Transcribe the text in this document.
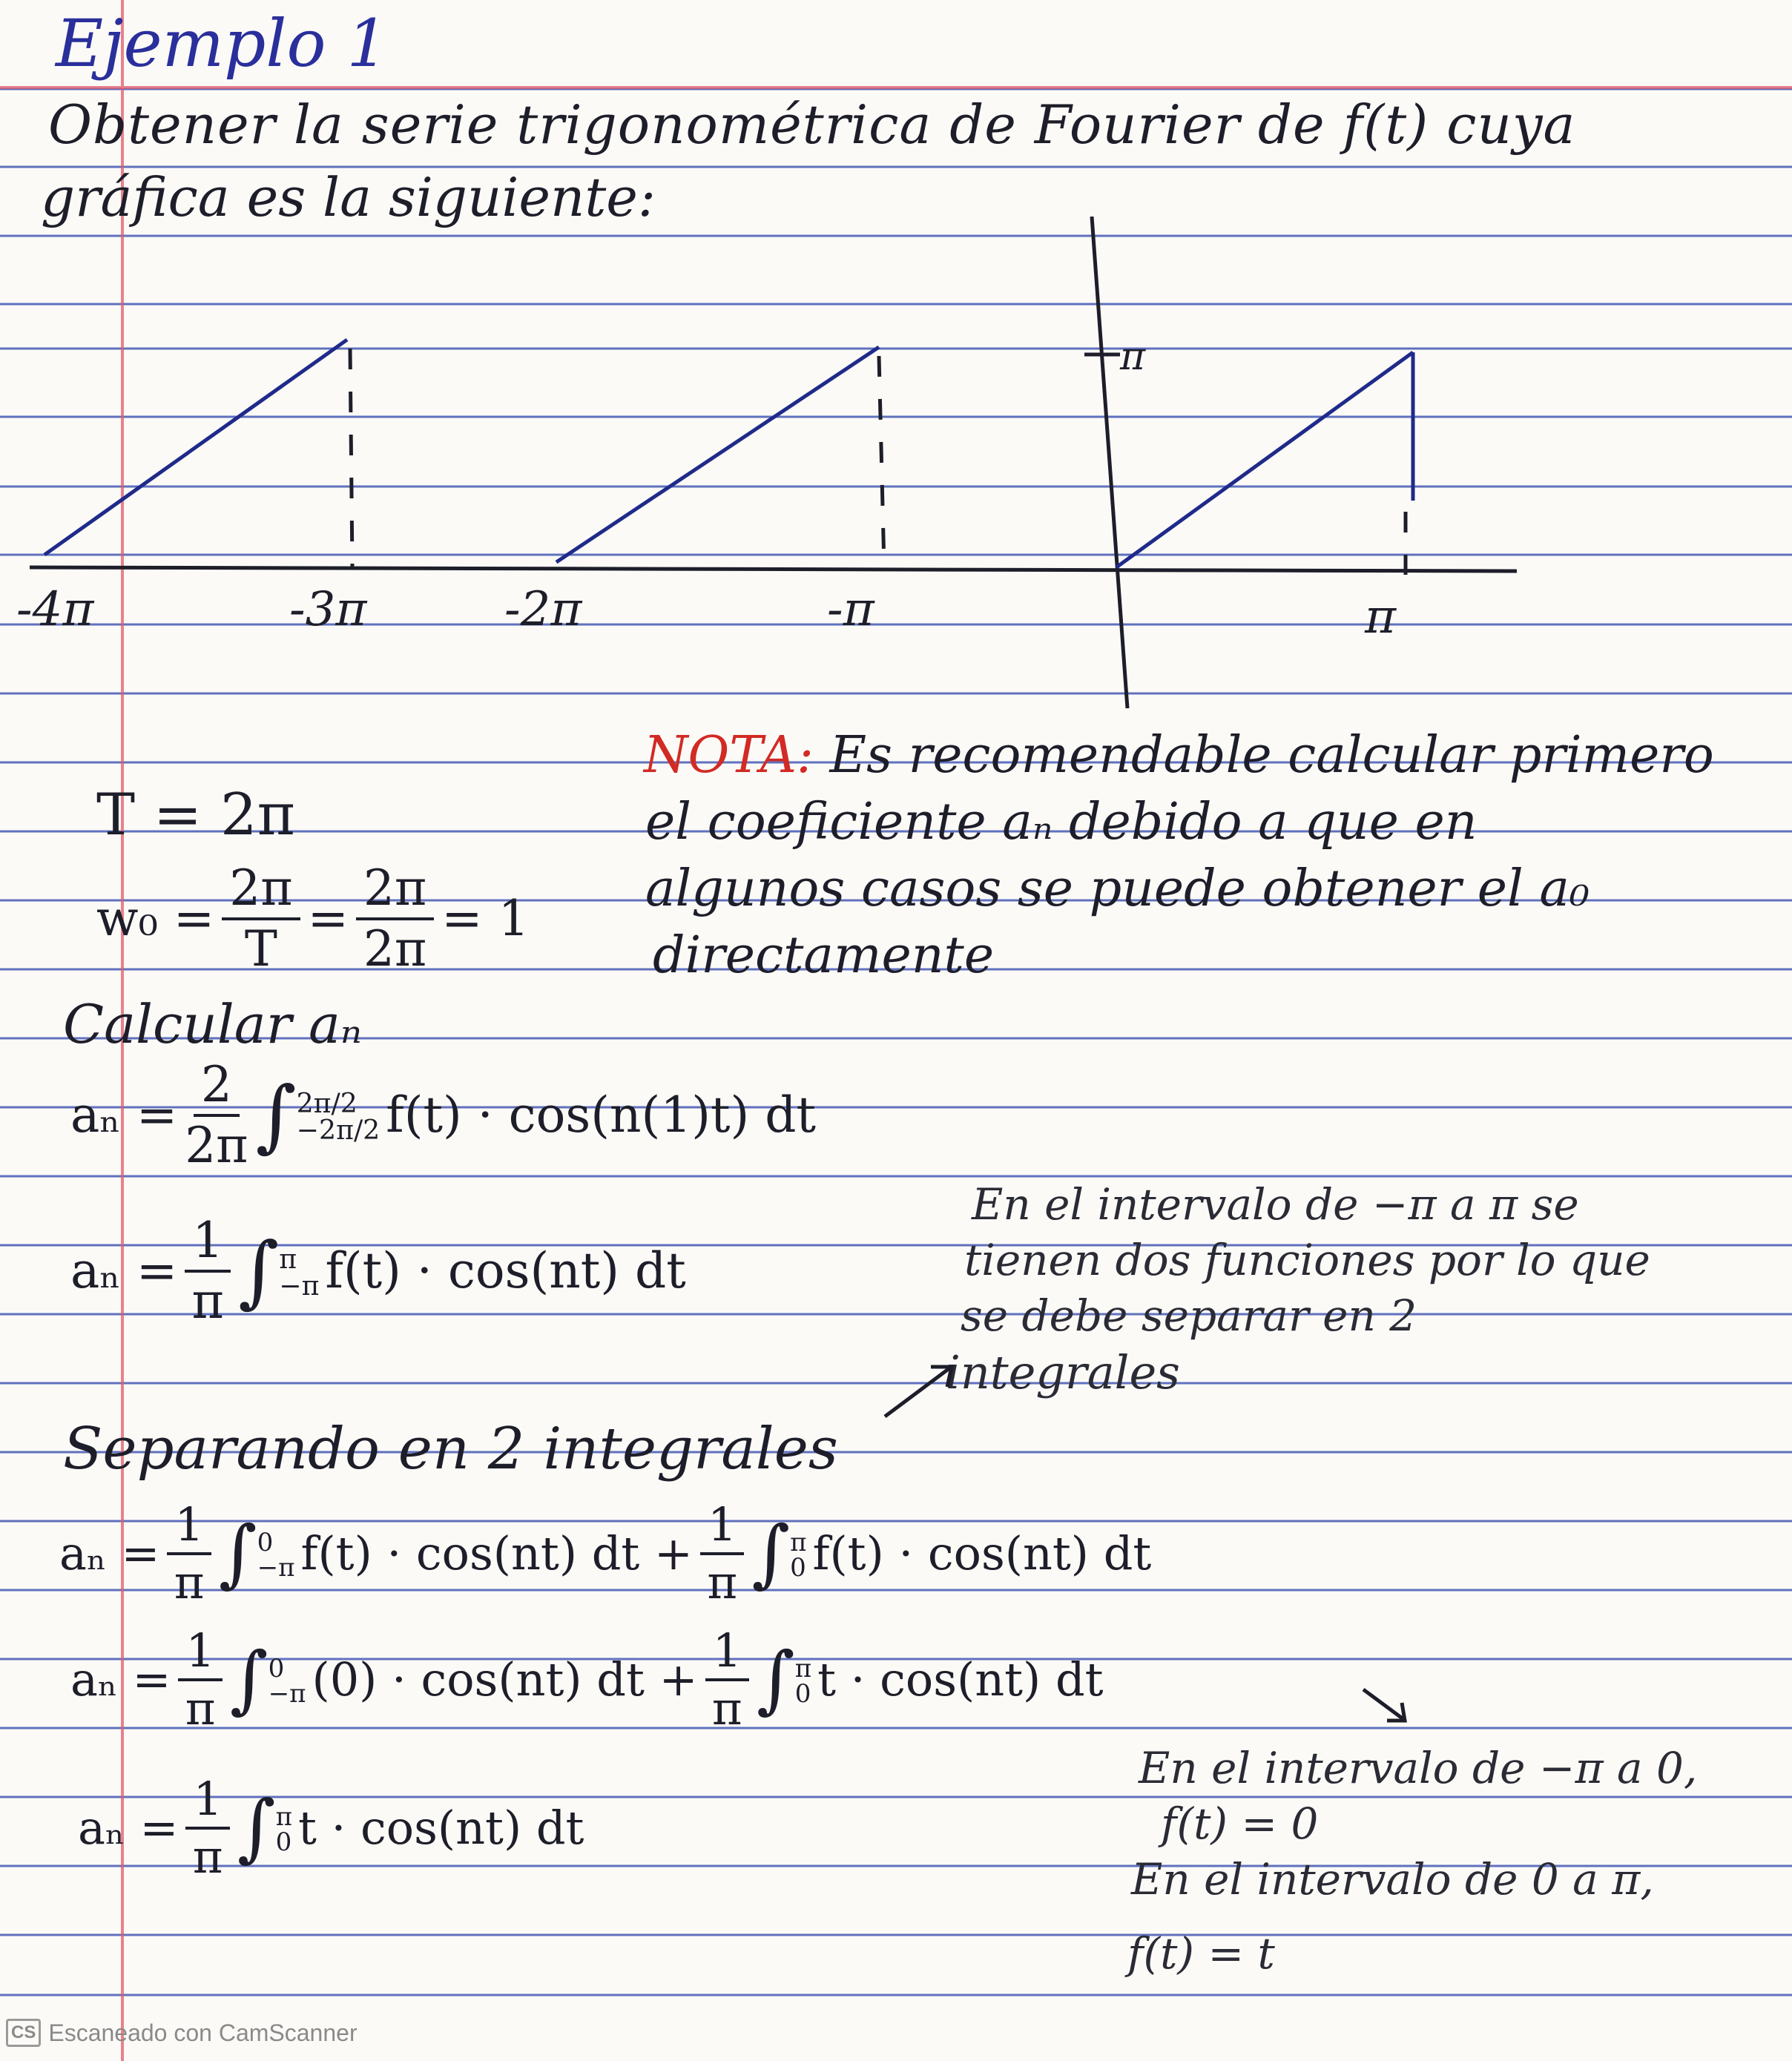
Ejemplo 1
Obtener la serie trigonométrica de Fourier de f(t) cuya
gráfica es la siguiente:
-4π	-3π	-2π	-π	π
π
NOTA: Es recomendable calcular primero
el coeficiente aₙ debido a que en
algunos casos se puede obtener el a₀
directamente
T = 2π
$w_0 = \frac{2\pi}{T} = \frac{2\pi}{2\pi} = 1$
Calcular aₙ
$a_n = \frac{2}{2\pi}$ ∫ 2π/2
−2π/2 f(t) · cos(n(1)t) dt
$a_n = \frac{1}{\pi}$ ∫ π
−π f(t) · cos(nt) dt
En el intervalo de −π a π se
tienen dos funciones por lo que
se debe separar en 2
integrales
Separando en 2 integrales
$a_n = \frac{1}{\pi}$ ∫ 0
−π f(t) · cos(nt) dt + $\frac{1}{\pi}$ ∫ π
0 f(t) · cos(nt) dt
$a_n = \frac{1}{\pi}$ ∫ 0
−π (0) · cos(nt) dt + $\frac{1}{\pi}$ ∫ π
0 t · cos(nt) dt
$a_n = \frac{1}{\pi}$ ∫ π
0 t · cos(nt) dt
En el intervalo de −π a 0,
f(t) = 0
En el intervalo de 0 a π,
f(t) = t
CS Escaneado con CamScanner
